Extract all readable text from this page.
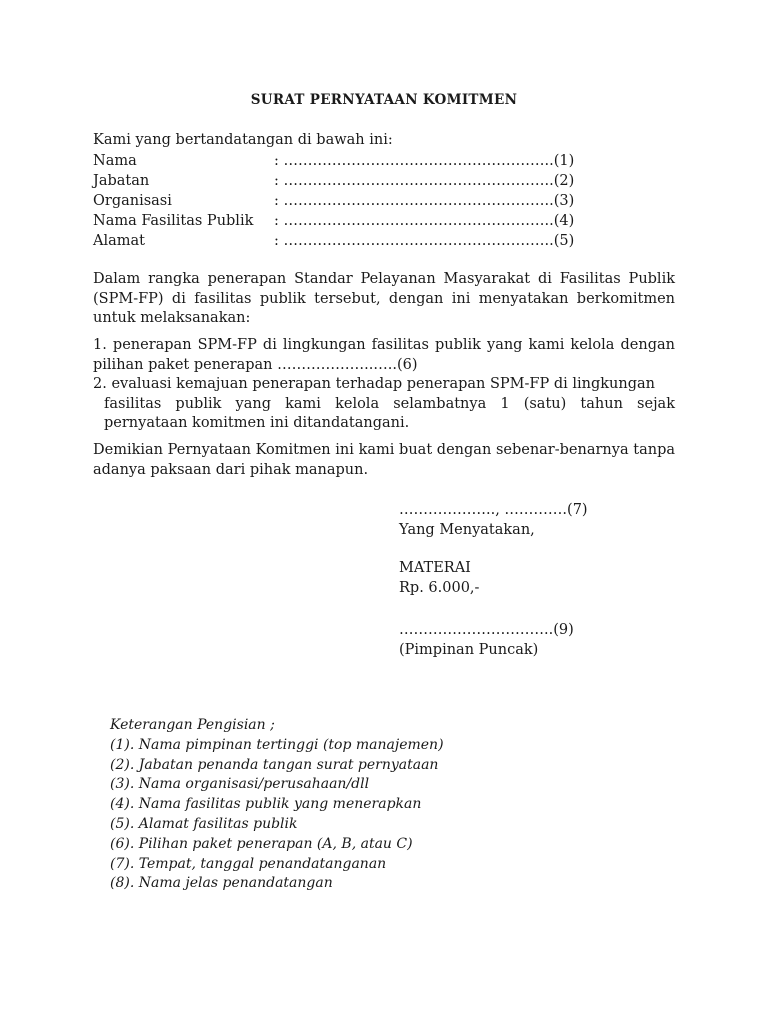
SURAT PERNYATAAN KOMITMEN
Kami yang bertandatangan di bawah ini:
Nama	: ………………………………………………..(1)
Jabatan	: ………………………………………………..(2)
Organisasi	: ………………………………………………..(3)
Nama Fasilitas Publik : ………………………………………………..(4)
Alamat	: ………………………………………………..(5)
Dalam rangka penerapan Standar Pelayanan Masyarakat di Fasilitas Publik (SPM-FP) di fasilitas publik tersebut, dengan ini menyatakan berkomitmen untuk melaksanakan:
1. penerapan SPM-FP di lingkungan fasilitas publik yang kami kelola dengan pilihan paket penerapan ………………..…..(6)
2. evaluasi kemajuan penerapan terhadap penerapan SPM-FP di lingkungan
fasilitas publik yang kami kelola selambatnya 1 (satu) tahun sejak pernyataan komitmen ini ditandatangani.
Demikian Pernyataan Komitmen ini kami buat dengan sebenar-benarnya tanpa adanya paksaan dari pihak manapun.
……………….., ………….(7)
Yang Menyatakan,
MATERAI
Rp. 6.000,-
…………………………..(9)
(Pimpinan Puncak)
Keterangan Pengisian ;
(1). Nama pimpinan tertinggi (top manajemen)
(2). Jabatan penanda tangan surat pernyataan
(3). Nama organisasi/perusahaan/dll
(4). Nama fasilitas publik yang menerapkan
(5). Alamat fasilitas publik
(6). Pilihan paket penerapan (A, B, atau C)
(7). Tempat, tanggal penandatanganan
(8). Nama jelas penandatangan
